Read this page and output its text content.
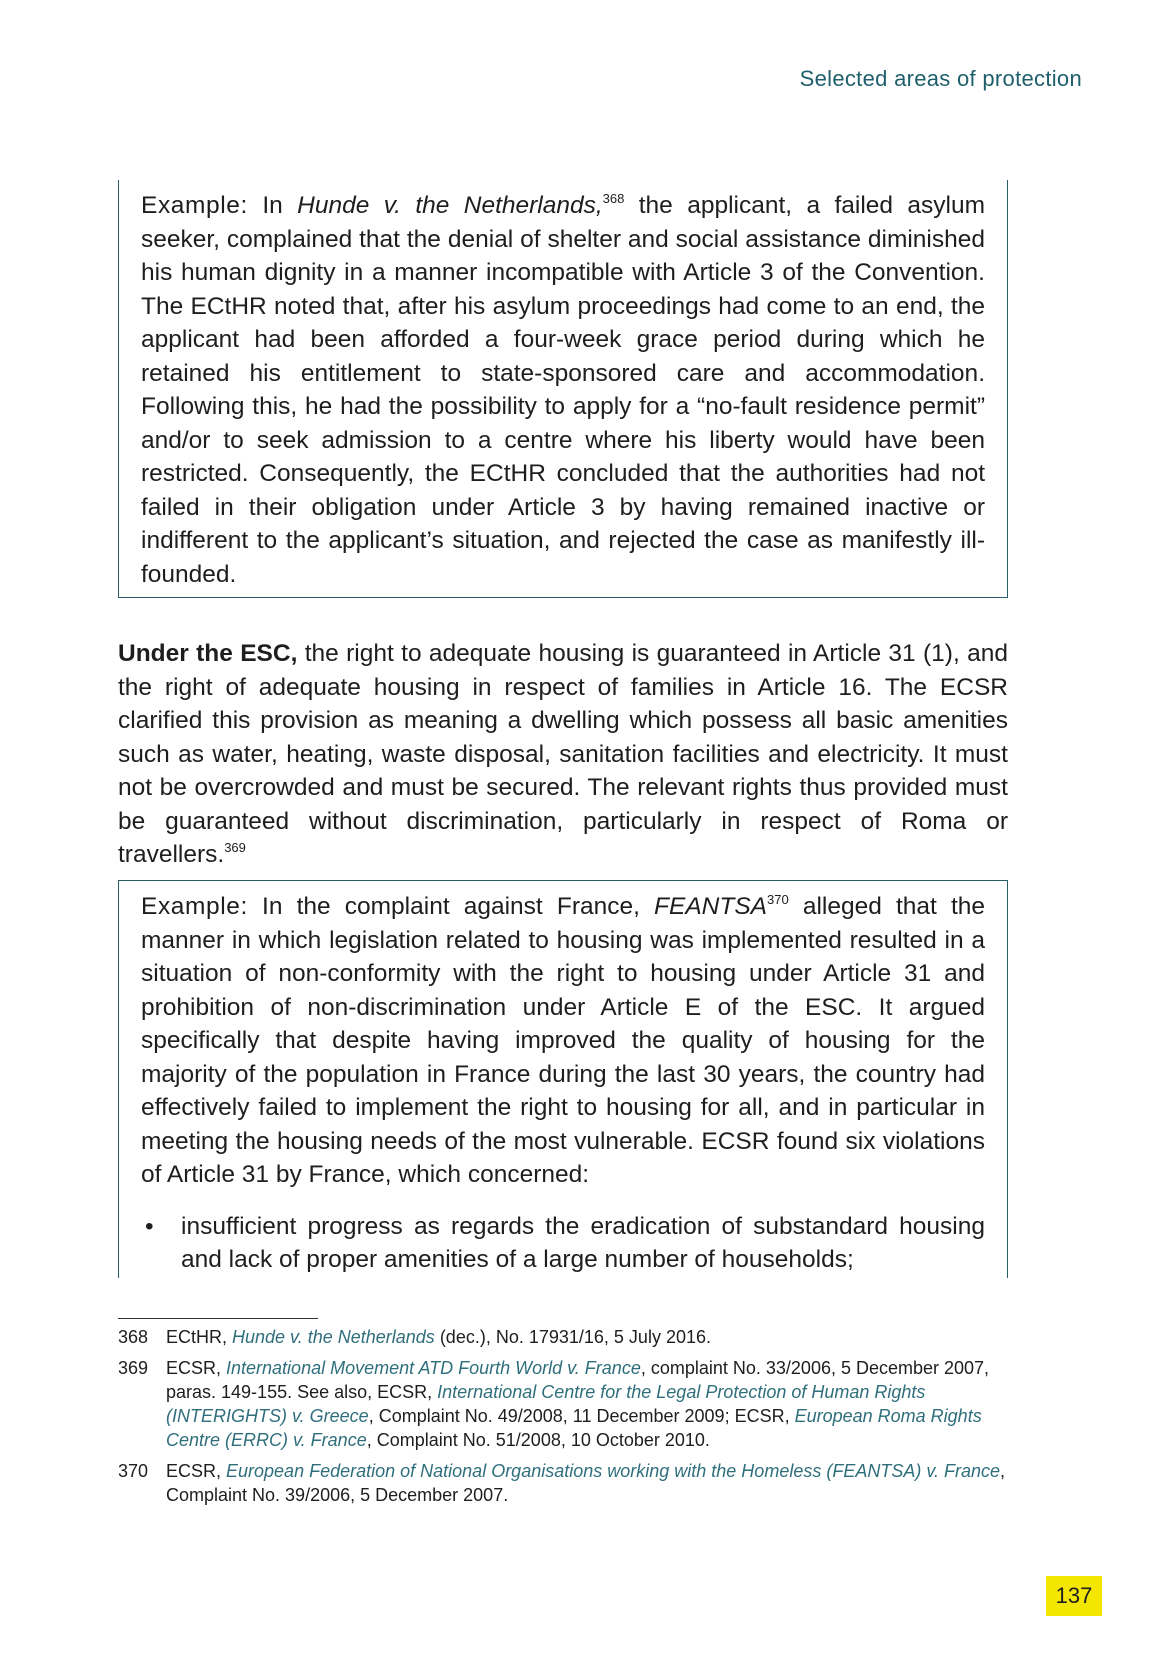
Selected areas of protection

Example: In Hunde v. the Netherlands,$^{368}$ the applicant, a failed asylum seeker, complained that the denial of shelter and social assistance diminished his human dignity in a manner incompatible with Article 3 of the Convention. The ECtHR noted that, after his asylum proceedings had come to an end, the applicant had been afforded a four-week grace period during which he retained his entitlement to state-sponsored care and accommodation. Following this, he had the possibility to apply for a “no-fault residence permit” and/or to seek admission to a centre where his liberty would have been restricted. Consequently, the ECtHR concluded that the authorities had not failed in their obligation under Article 3 by having remained inactive or indifferent to the applicant’s situation, and rejected the case as manifestly ill-founded.

Under the ESC, the right to adequate housing is guaranteed in Article 31 (1), and the right of adequate housing in respect of families in Article 16. The ECSR clarified this provision as meaning a dwelling which possess all basic amenities such as water, heating, waste disposal, sanitation facilities and electricity. It must not be overcrowded and must be secured. The relevant rights thus provided must be guaranteed without discrimination, particularly in respect of Roma or travellers.$^{369}$

Example: In the complaint against France, FEANTSA$^{370}$ alleged that the manner in which legislation related to housing was implemented resulted in a situation of non-conformity with the right to housing under Article 31 and prohibition of non-discrimination under Article E of the ESC. It argued specifically that despite having improved the quality of housing for the majority of the population in France during the last 30 years, the country had effectively failed to implement the right to housing for all, and in particular in meeting the housing needs of the most vulnerable. ECSR found six violations of Article 31 by France, which concerned:

• insufficient progress as regards the eradication of substandard housing and lack of proper amenities of a large number of households;
368 ECtHR, Hunde v. the Netherlands (dec.), No. 17931/16, 5 July 2016.
369 ECSR, International Movement ATD Fourth World v. France, complaint No. 33/2006, 5 December 2007, paras. 149-155. See also, ECSR, International Centre for the Legal Protection of Human Rights (INTERIGHTS) v. Greece, Complaint No. 49/2008, 11 December 2009; ECSR, European Roma Rights Centre (ERRC) v. France, Complaint No. 51/2008, 10 October 2010.
370 ECSR, European Federation of National Organisations working with the Homeless (FEANTSA) v. France, Complaint No. 39/2006, 5 December 2007.
137
